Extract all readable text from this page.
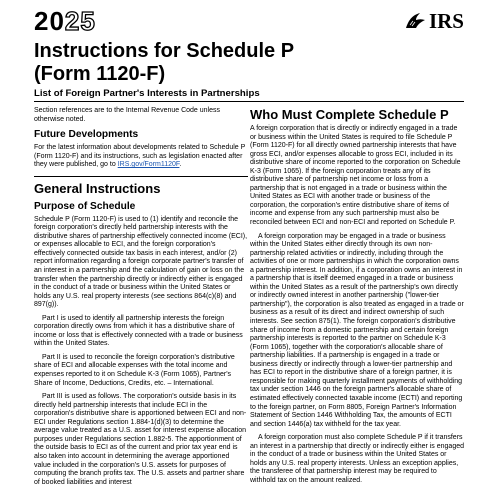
2025	IRS
Instructions for Schedule P
(Form 1120-F)
List of Foreign Partner's Interests in Partnerships

Section references are to the Internal Revenue Code unless otherwise noted.

Future Developments

For the latest information about developments related to Schedule P (Form 1120-F) and its instructions, such as legislation enacted after they were published, go to IRS.gov/Form1120F.

General Instructions
Purpose of Schedule

Schedule P (Form 1120-F) is used to (1) identify and reconcile the foreign corporation's directly held partnership interests with the distributive shares of partnership effectively connected income (ECI), or expenses allocable to ECI, and the foreign corporation's effectively connected outside tax basis in each interest, and/or (2) report information regarding a foreign corporate partner's transfer of an interest in a partnership and the calculation of gain or loss on the transfer when the partnership directly or indirectly either is engaged in the conduct of a trade or business within the United States or holds any U.S. real property interests (see sections 864(c)(8) and 897(g)).

Part I is used to identify all partnership interests the foreign corporation directly owns from which it has a distributive share of income or loss that is effectively connected with a trade or business within the United States.

Part II is used to reconcile the foreign corporation's distributive share of ECI and allocable expenses with the total income and expenses reported to it on Schedule K-3 (Form 1065), Partner's Share of Income, Deductions, Credits, etc. – International.

Part III is used as follows. The corporation's outside basis in its directly held partnership interests that include ECI in the corporation's distributive share is apportioned between ECI and non-ECI under Regulations section 1.884-1(d)(3) to determine the average value treated as a U.S. asset for interest expense allocation purposes under Regulations section 1.882-5. The apportionment of the outside basis to ECI as of the current and prior tax year end is also taken into account in determining the average apportioned value included in the corporation's U.S. assets for purposes of computing the branch profits tax. The U.S. assets and partner share of booked liabilities and interest

Who Must Complete Schedule P

A foreign corporation that is directly or indirectly engaged in a trade or business within the United States is required to file Schedule P (Form 1120-F) for all directly owned partnership interests that have gross ECI, and/or expenses allocable to gross ECI, included in its distributive share of income reported to the corporation on Schedule K-3 (Form 1065). If the foreign corporation treats any of its distributive share of partnership net income or loss from a partnership that is not engaged in a trade or business within the United States as ECI with another trade or business of the corporation, the corporation's entire distributive share of items of income and expense from any such partnership must also be reconciled between ECI and non-ECI and reported on Schedule P.

A foreign corporation may be engaged in a trade or business within the United States either directly through its own non-partnership related activities or indirectly, including through the activities of one or more partnerships in which the corporation owns a partnership interest. In addition, if a corporation owns an interest in a partnership that is itself deemed engaged in a trade or business within the United States as a result of the partnership's own directly or indirectly owned interest in another partnership ("lower-tier partnership"), the corporation is also treated as engaged in a trade or business as a result of its direct and indirect ownership of such interests. See section 875(1). The foreign corporation's distributive share of income from a domestic partnership and certain foreign partnership interests is reported to the partner on Schedule K-3 (Form 1065), together with the corporation's allocable share of partnership liabilities. If a partnership is engaged in a trade or business directly or indirectly through a lower-tier partnership and has ECI to report in the distributive share of a foreign partner, it is responsible for making quarterly installment payments of withholding tax under section 1446 on the foreign partner's allocable share of estimated effectively connected taxable income (ECTI) and reporting to the foreign partner, on Form 8805, Foreign Partner's Information Statement of Section 1446 Withholding Tax, the amounts of ECTI and section 1446(a) tax withheld for the tax year.

A foreign corporation must also complete Schedule P if it transfers an interest in a partnership that directly or indirectly either is engaged in the conduct of a trade or business within the United States or holds any U.S. real property interests. Unless an exception applies, the transferee of that partnership interest may be required to withhold tax on the amount realized.
